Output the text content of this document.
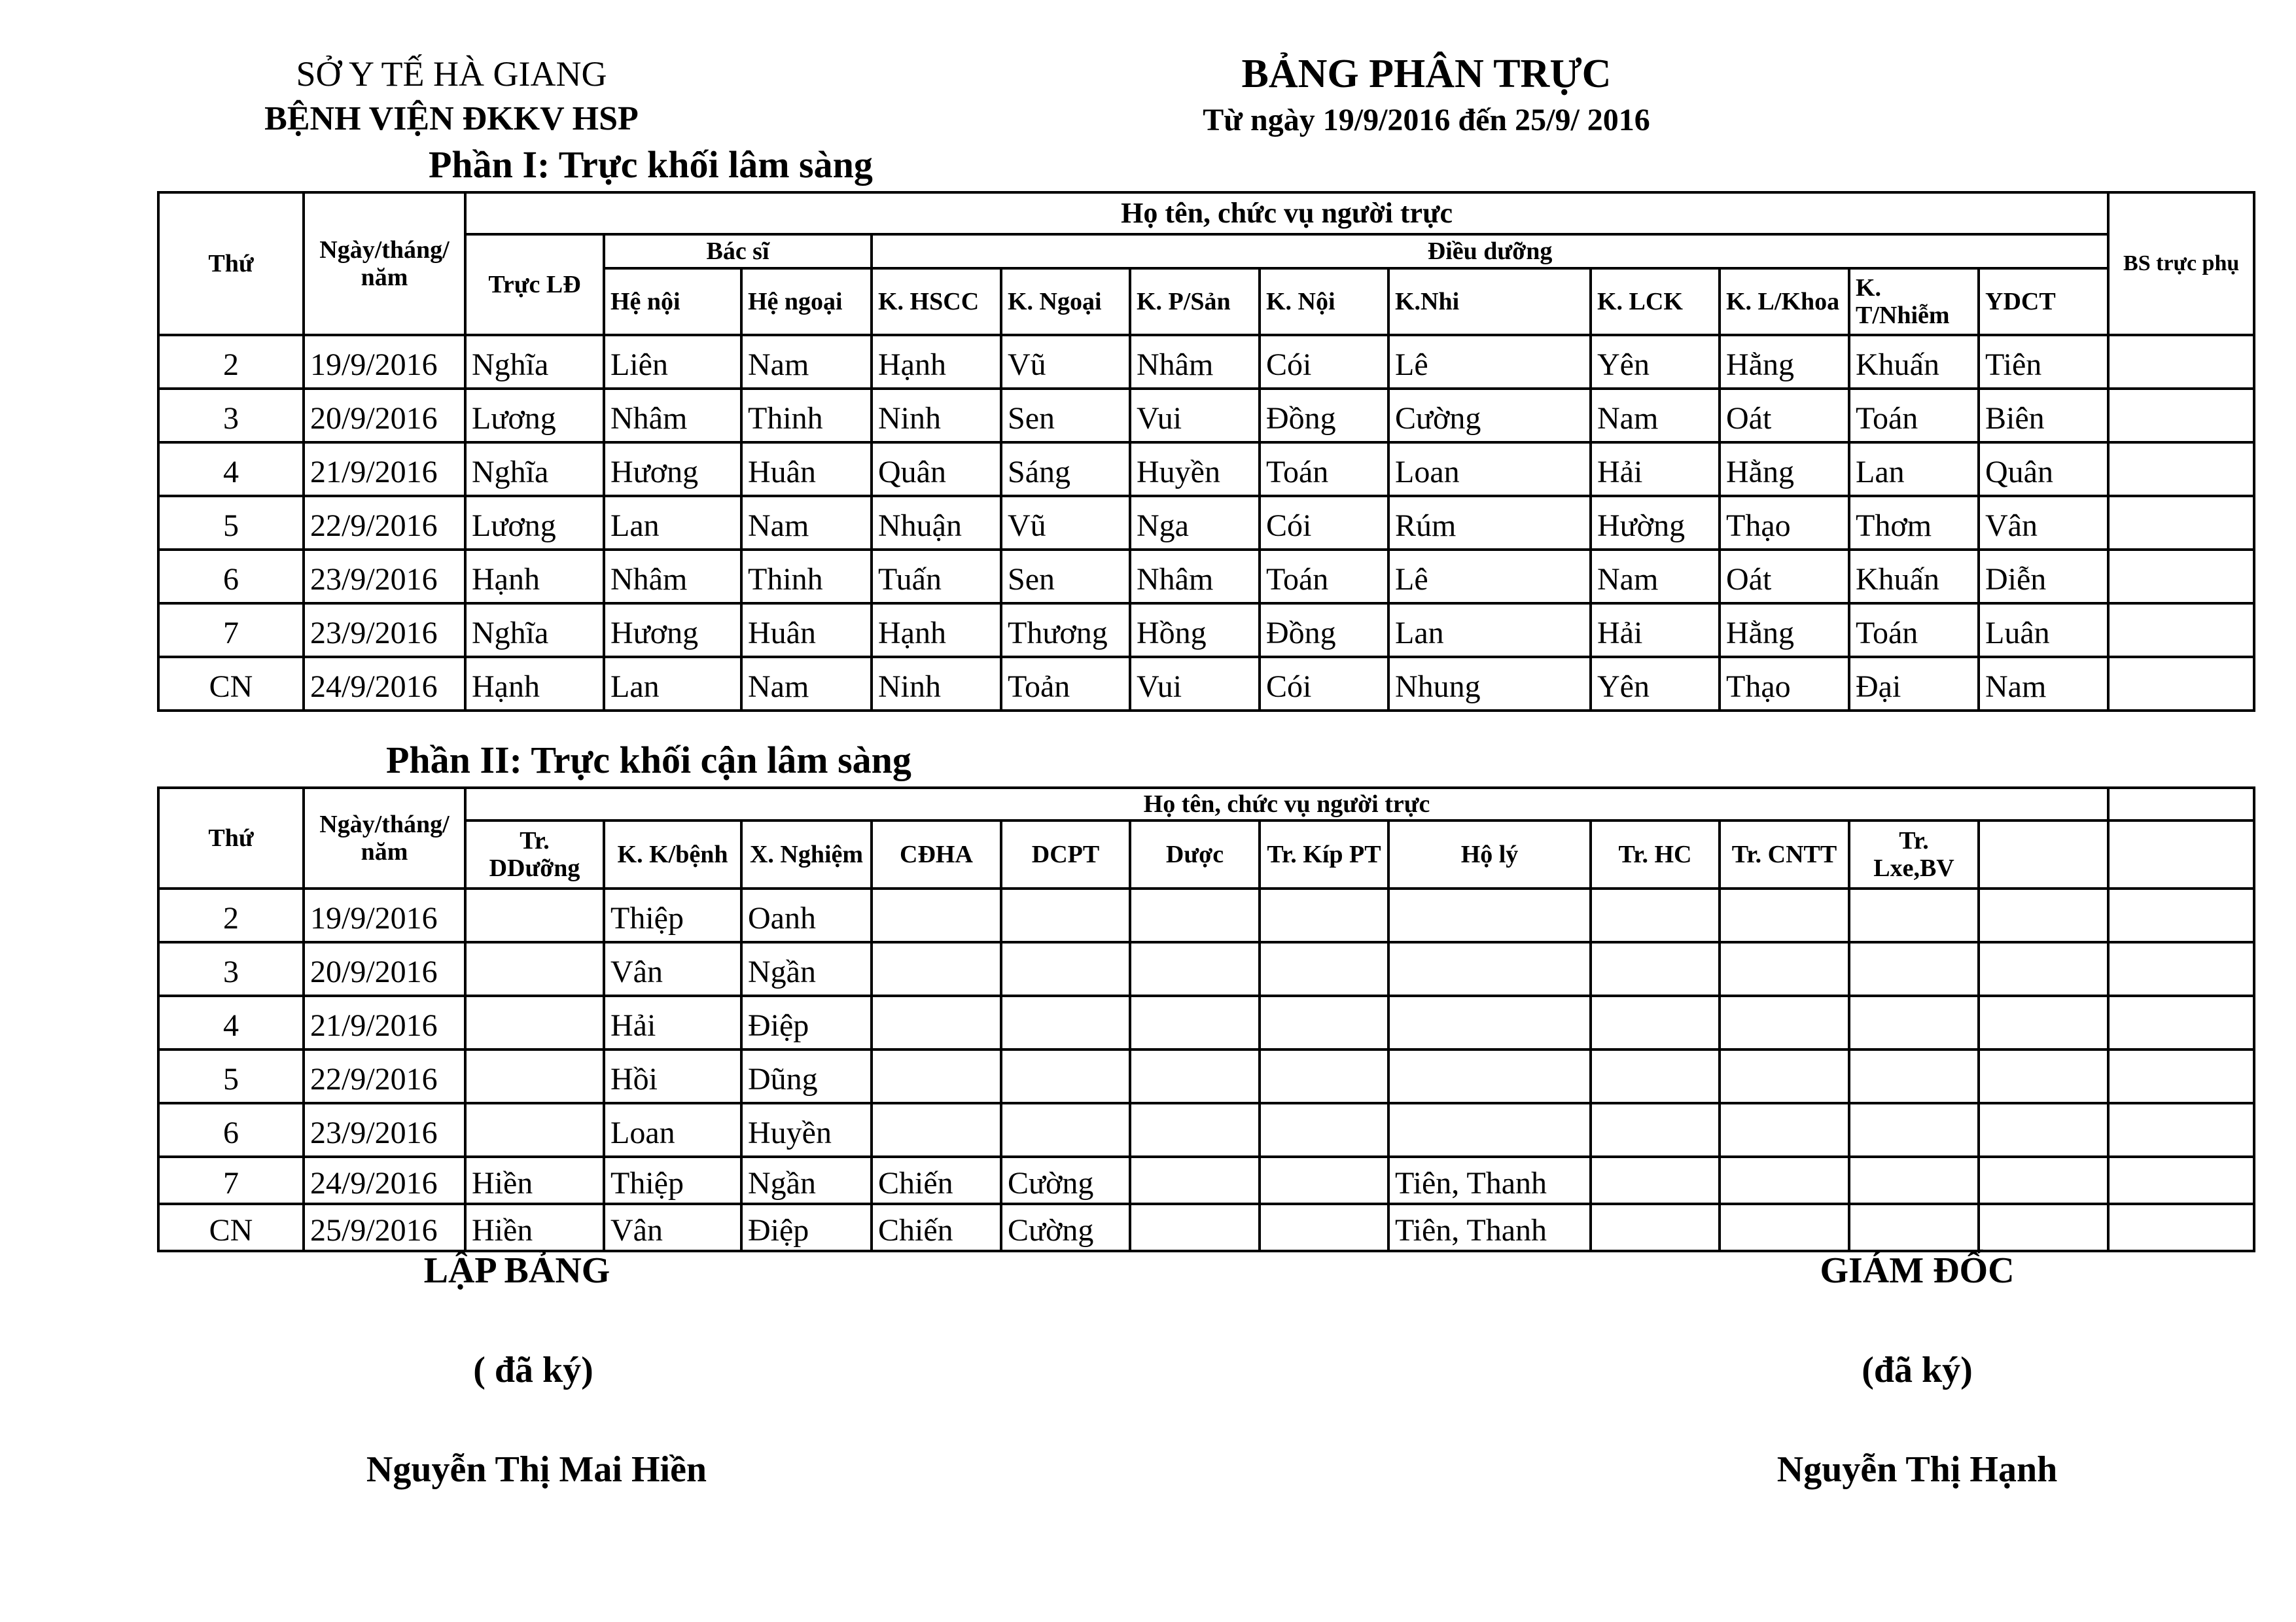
SỞ Y TẾ HÀ GIANG
BỆNH VIỆN ĐKKV HSP
BẢNG PHÂN TRỰC
Từ ngày 19/9/2016 đến 25/9/ 2016
Phần I: Trực khối lâm sàng
Thứ	Ngày/tháng/ năm	Họ tên, chức vụ người trực												BS trực phụ
		Trực LĐ	Bác sĩ		Điều dưỡng									
			Hệ nội	Hệ ngoại	K. HSCC	K. Ngoại	K. P/Sản	K. Nội	K.Nhi	K. LCK	K. L/Khoa	K. T/Nhiễm	YDCT	
2	19/9/2016	Nghĩa	Liên	Nam	Hạnh	Vũ	Nhâm	Cói	Lê	Yên	Hằng	Khuấn	Tiên	
3	20/9/2016	Lương	Nhâm	Thinh	Ninh	Sen	Vui	Đồng	Cường	Nam	Oát	Toán	Biên	
4	21/9/2016	Nghĩa	Hương	Huân	Quân	Sáng	Huyền	Toán	Loan	Hải	Hằng	Lan	Quân	
5	22/9/2016	Lương	Lan	Nam	Nhuận	Vũ	Nga	Cói	Rúm	Hường	Thạo	Thơm	Vân	
6	23/9/2016	Hạnh	Nhâm	Thinh	Tuấn	Sen	Nhâm	Toán	Lê	Nam	Oát	Khuấn	Diễn	
7	23/9/2016	Nghĩa	Hương	Huân	Hạnh	Thương	Hồng	Đồng	Lan	Hải	Hằng	Toán	Luân	
CN	24/9/2016	Hạnh	Lan	Nam	Ninh	Toản	Vui	Cói	Nhung	Yên	Thạo	Đại	Nam	
Phần II: Trực khối cận lâm sàng
Thứ	Ngày/tháng/ năm	Họ tên, chức vụ người trực												
		Tr. DDưỡng	K. K/bệnh	X. Nghiệm	CĐHA	DCPT	Dược	Tr. Kíp PT	Hộ lý	Tr. HC	Tr. CNTT	Tr. Lxe,BV		
2	19/9/2016		Thiệp	Oanh										
3	20/9/2016		Vân	Ngần										
4	21/9/2016		Hải	Điệp										
5	22/9/2016		Hồi	Dũng										
6	23/9/2016		Loan	Huyền										
7	24/9/2016	Hiền	Thiệp	Ngần	Chiến	Cường			Tiên, Thanh					
CN	25/9/2016	Hiền	Vân	Điệp	Chiến	Cường			Tiên, Thanh					
LẬP BẢNG
( đã ký)
Nguyễn Thị Mai Hiền
GIÁM ĐỐC
(đã ký)
Nguyễn Thị Hạnh
